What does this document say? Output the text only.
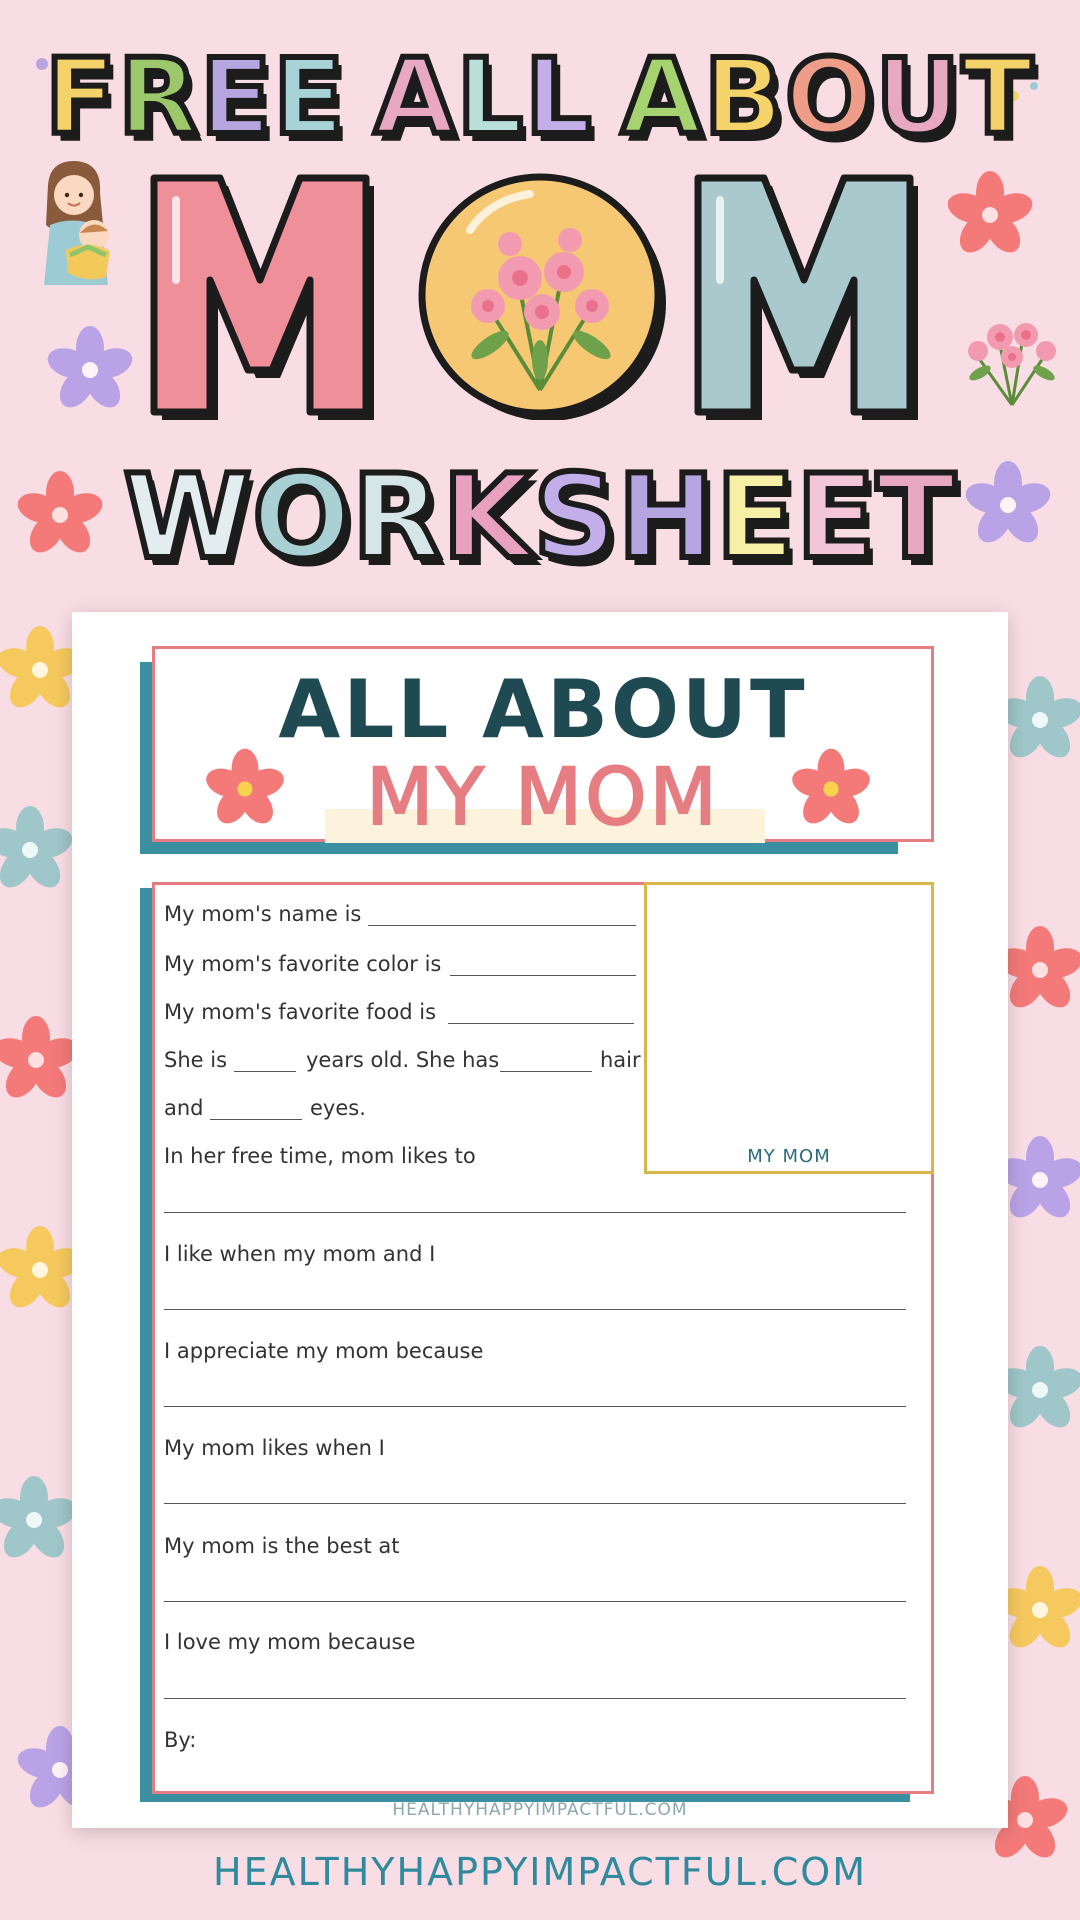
FREE ALL ABOUT
WORKSHEET
ALL ABOUT
MY MOM
MY MOM
My mom's name is
My mom's favorite color is
My mom's favorite food is
She is	years old. She has	hair
and	eyes.
In her free time, mom likes to
I like when my mom and I
I appreciate my mom because
My mom likes when I
My mom is the best at
I love my mom because
By:
HEALTHYHAPPYIMPACTFUL.COM
HEALTHYHAPPYIMPACTFUL.COM
